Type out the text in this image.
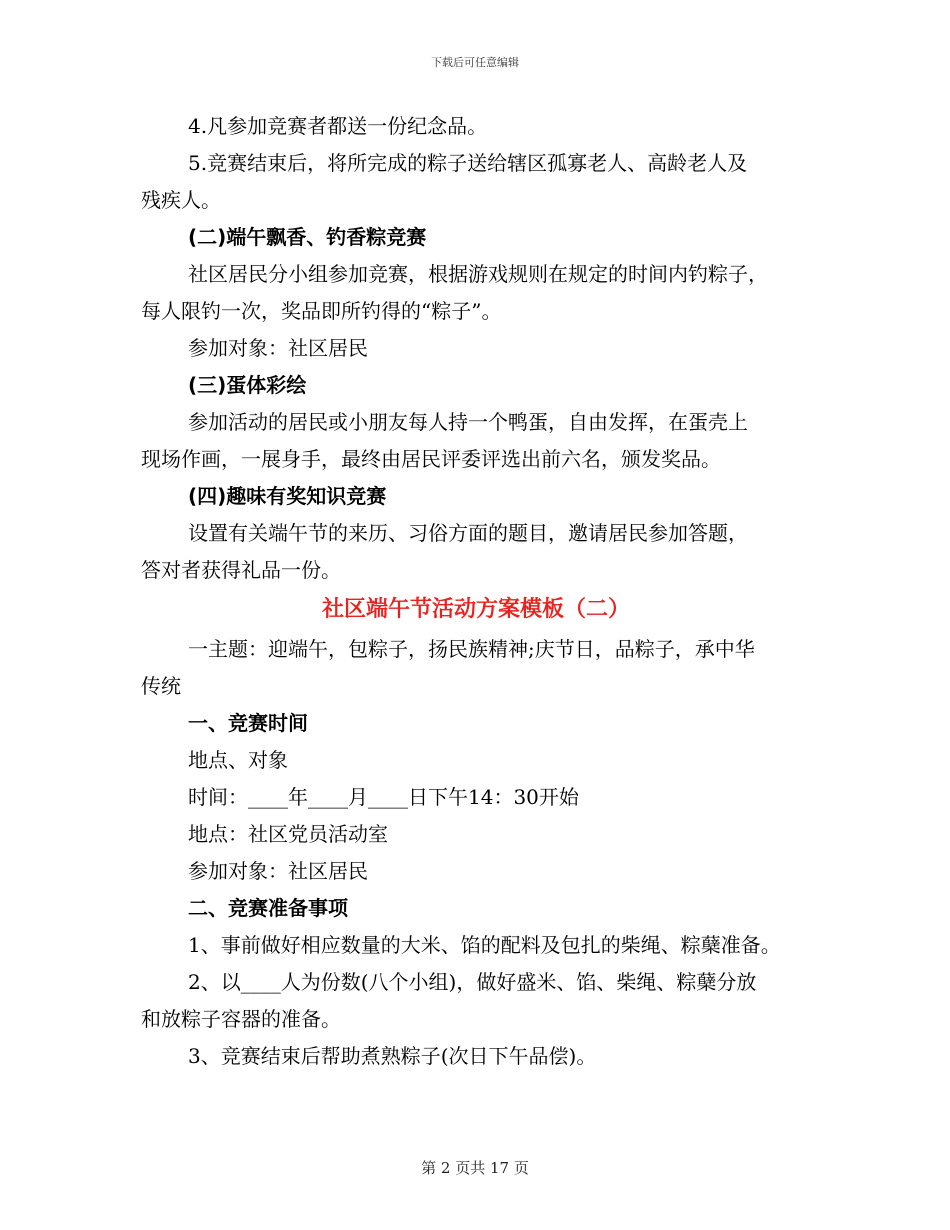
下载后可任意编辑
4.凡参加竞赛者都送一份纪念品。
5.竞赛结束后，将所完成的粽子送给辖区孤寡老人、高龄老人及
残疾人。
(二)端午飘香、钓香粽竞赛
社区居民分小组参加竞赛，根据游戏规则在规定的时间内钓粽子，
每人限钓一次，奖品即所钓得的“粽子”。
参加对象：社区居民
(三)蛋体彩绘
参加活动的居民或小朋友每人持一个鸭蛋，自由发挥，在蛋壳上
现场作画，一展身手，最终由居民评委评选出前六名，颁发奖品。
(四)趣味有奖知识竞赛
设置有关端午节的来历、习俗方面的题目，邀请居民参加答题，
答对者获得礼品一份。
社区端午节活动方案模板（二）
一主题：迎端午，包粽子，扬民族精神;庆节日，品粽子，承中华
传统
一、竞赛时间
地点、对象
时间：____年____月____日下午14：30开始
地点：社区党员活动室
参加对象：社区居民
二、竞赛准备事项
1、事前做好相应数量的大米、馅的配料及包扎的柴绳、粽蘖准备。
2、以____人为份数(八个小组)，做好盛米、馅、柴绳、粽蘖分放
和放粽子容器的准备。
3、竞赛结束后帮助煮熟粽子(次日下午品偿)。
第 2 页共 17 页
